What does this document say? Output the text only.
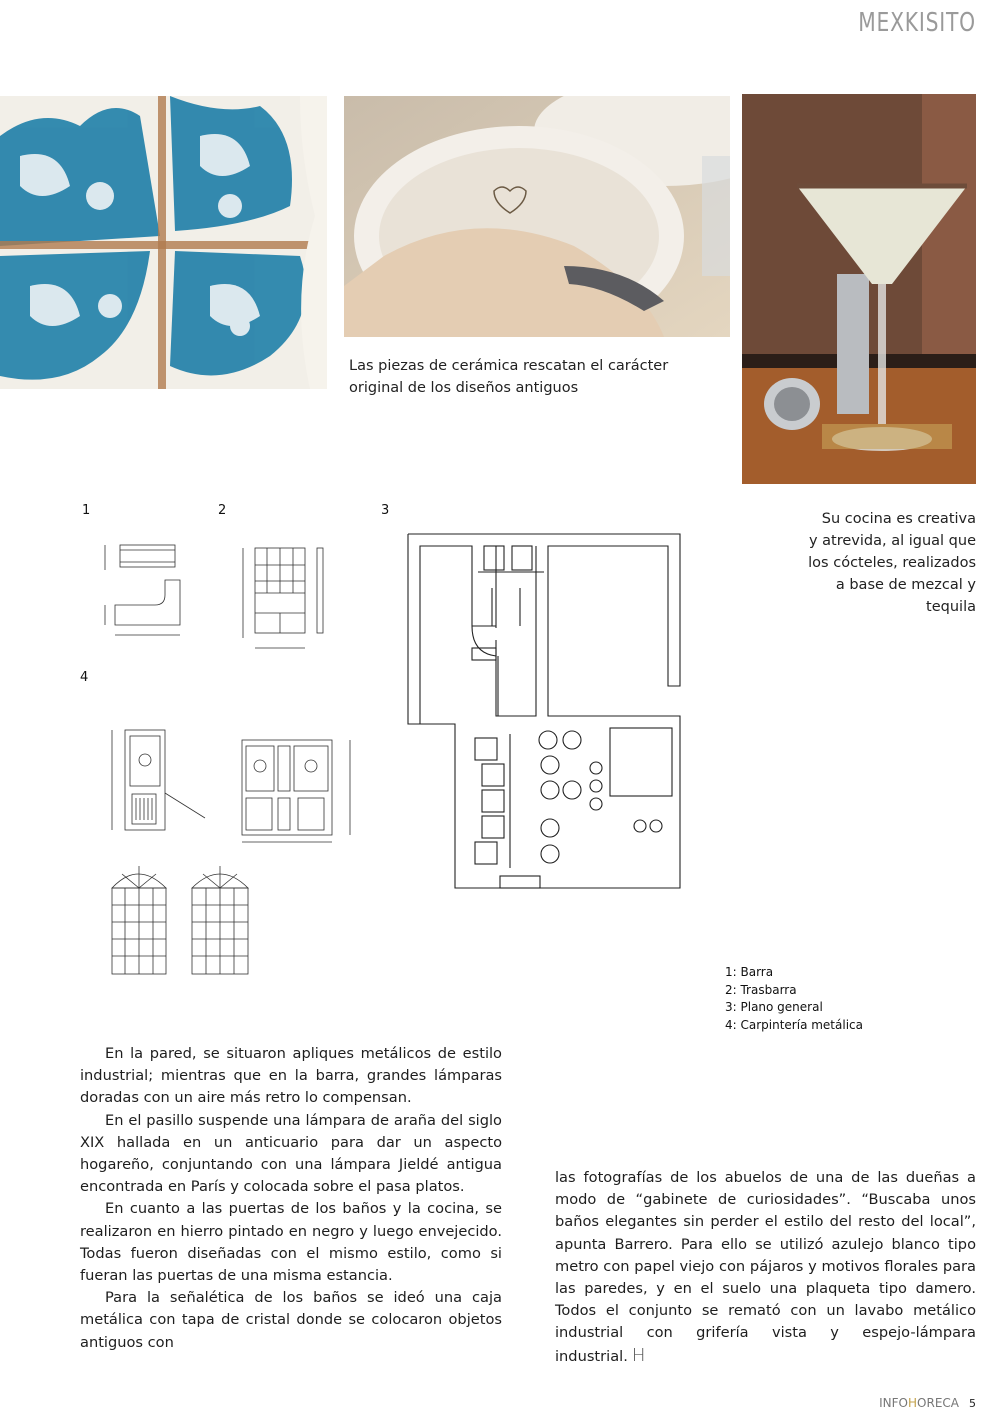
MEXKISITO
Las piezas de cerámica rescatan el carácter original de los diseños antiguos
Su cocina es creativa
y atrevida, al igual que
los cócteles, realizados
a base de mezcal y
tequila
1	2	3
4
1: Barra
2: Trasbarra
3: Plano general
4: Carpintería metálica

En la pared, se situaron apliques metálicos de estilo industrial; mientras que en la barra, grandes lámparas doradas con un aire más retro lo compensan.

En el pasillo suspende una lámpara de araña del siglo XIX hallada en un anticuario para dar un aspecto hogareño, conjuntando con una lámpara Jieldé antigua encontrada en París y colocada sobre el pasa platos.

En cuanto a las puertas de los baños y la cocina, se realizaron en hierro pintado en negro y luego envejecido. Todas fueron diseñadas con el mismo estilo, como si fueran las puertas de una misma estancia.

Para la señalética de los baños se ideó una caja metálica con tapa de cristal donde se colocaron objetos antiguos con

las fotografías de los abuelos de una de las dueñas a modo de “gabinete de curiosidades”. “Buscaba unos baños elegantes sin perder el estilo del resto del local”, apunta Barrero. Para ello se utilizó azulejo blanco tipo metro con papel viejo con pájaros y motivos florales para las paredes, y en el suelo una plaqueta tipo damero. Todos el conjunto se remató con un lavabo metálico industrial con grifería vista y espejo-lámpara industrial. H

INFOHORECA 5
